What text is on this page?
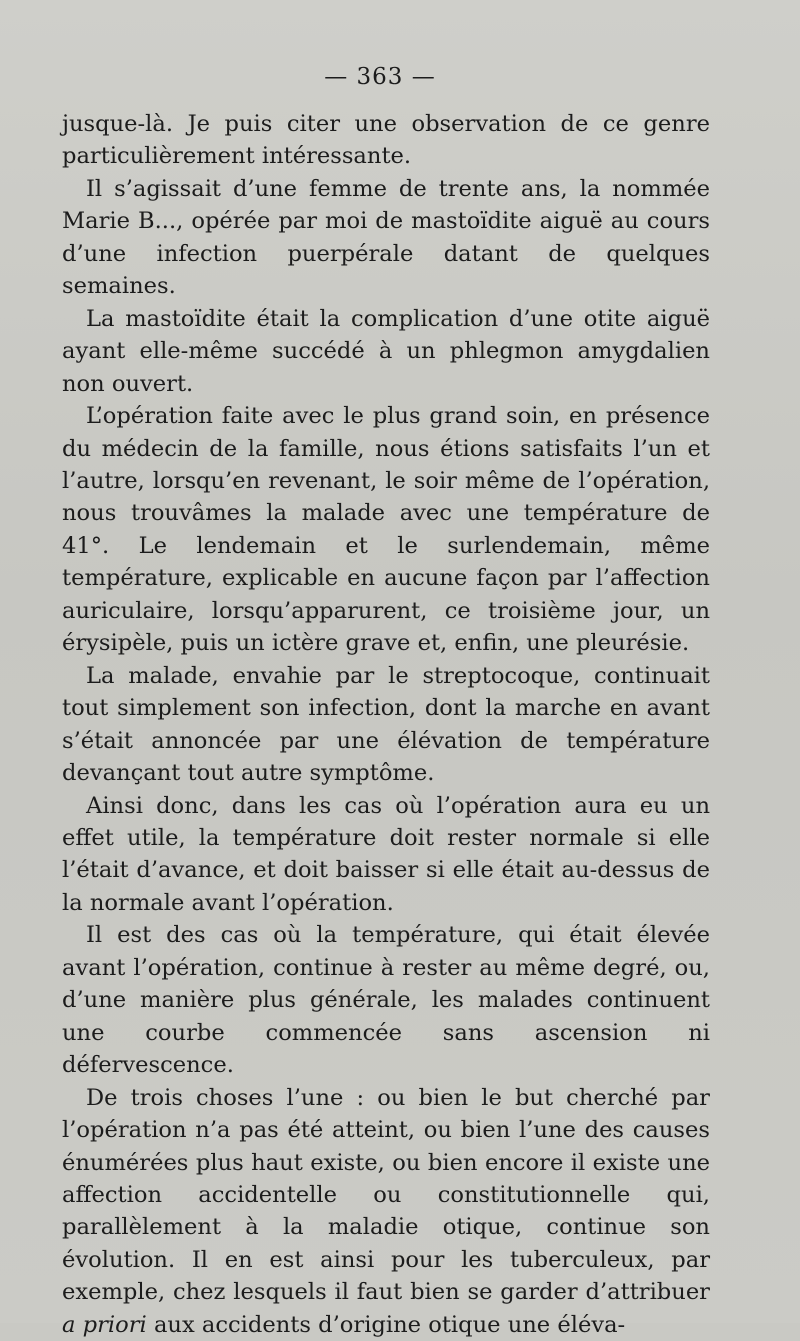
— 363 —

jusque-là. Je puis citer une observation de ce genre particulièrement intéressante.

Il s’agissait d’une femme de trente ans, la nommée Marie B..., opérée par moi de mastoïdite aiguë au cours d’une infection puerpérale datant de quelques semaines.

La mastoïdite était la complication d’une otite aiguë ayant elle-même succédé à un phlegmon amygdalien non ouvert.

L’opération faite avec le plus grand soin, en présence du médecin de la famille, nous étions satisfaits l’un et l’autre, lorsqu’en revenant, le soir même de l’opération, nous trouvâmes la malade avec une température de 41°. Le lendemain et le surlendemain, même température, explicable en aucune façon par l’affection auriculaire, lorsqu’apparurent, ce troisième jour, un érysipèle, puis un ictère grave et, enfin, une pleurésie.

La malade, envahie par le streptocoque, continuait tout simplement son infection, dont la marche en avant s’était annoncée par une élévation de température devançant tout autre symptôme.

Ainsi donc, dans les cas où l’opération aura eu un effet utile, la température doit rester normale si elle l’était d’avance, et doit baisser si elle était au-dessus de la normale avant l’opération.

Il est des cas où la température, qui était élevée avant l’opération, continue à rester au même degré, ou, d’une manière plus générale, les malades continuent une courbe commencée sans ascension ni défervescence.

De trois choses l’une : ou bien le but cherché par l’opération n’a pas été atteint, ou bien l’une des causes énumérées plus haut existe, ou bien encore il existe une affection accidentelle ou constitutionnelle qui, parallèlement à la maladie otique, continue son évolution. Il en est ainsi pour les tuberculeux, par exemple, chez lesquels il faut bien se garder d’attribuer a priori aux accidents d’origine otique une éléva-
